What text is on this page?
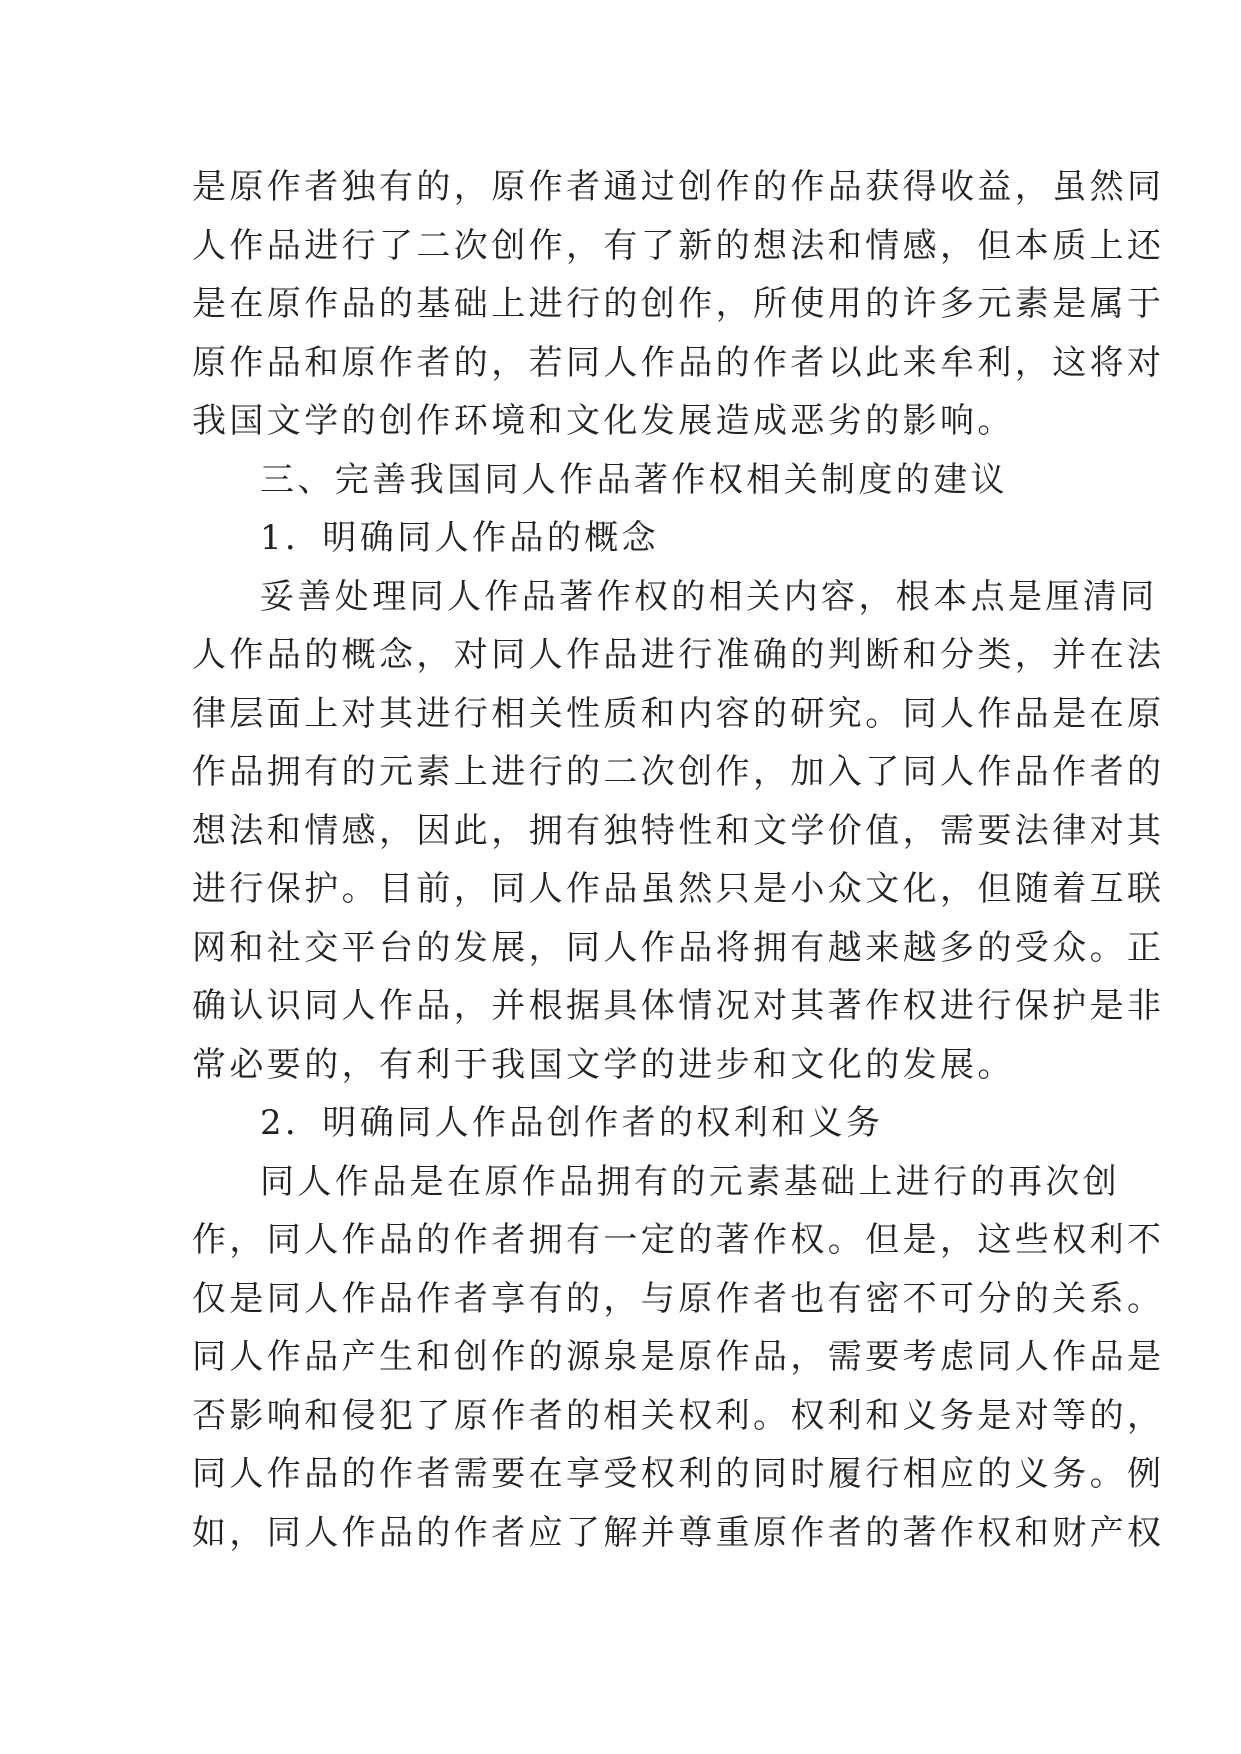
是原作者独有的，原作者通过创作的作品获得收益，虽然同
人作品进行了二次创作，有了新的想法和情感，但本质上还
是在原作品的基础上进行的创作，所使用的许多元素是属于
原作品和原作者的，若同人作品的作者以此来牟利，这将对
我国文学的创作环境和文化发展造成恶劣的影响。
三、完善我国同人作品著作权相关制度的建议
1．明确同人作品的概念
妥善处理同人作品著作权的相关内容，根本点是厘清同
人作品的概念，对同人作品进行准确的判断和分类，并在法
律层面上对其进行相关性质和内容的研究。同人作品是在原
作品拥有的元素上进行的二次创作，加入了同人作品作者的
想法和情感，因此，拥有独特性和文学价值，需要法律对其
进行保护。目前，同人作品虽然只是小众文化，但随着互联
网和社交平台的发展，同人作品将拥有越来越多的受众。正
确认识同人作品，并根据具体情况对其著作权进行保护是非
常必要的，有利于我国文学的进步和文化的发展。
2．明确同人作品创作者的权利和义务
同人作品是在原作品拥有的元素基础上进行的再次创
作，同人作品的作者拥有一定的著作权。但是，这些权利不
仅是同人作品作者享有的，与原作者也有密不可分的关系。
同人作品产生和创作的源泉是原作品，需要考虑同人作品是
否影响和侵犯了原作者的相关权利。权利和义务是对等的，
同人作品的作者需要在享受权利的同时履行相应的义务。例
如，同人作品的作者应了解并尊重原作者的著作权和财产权
